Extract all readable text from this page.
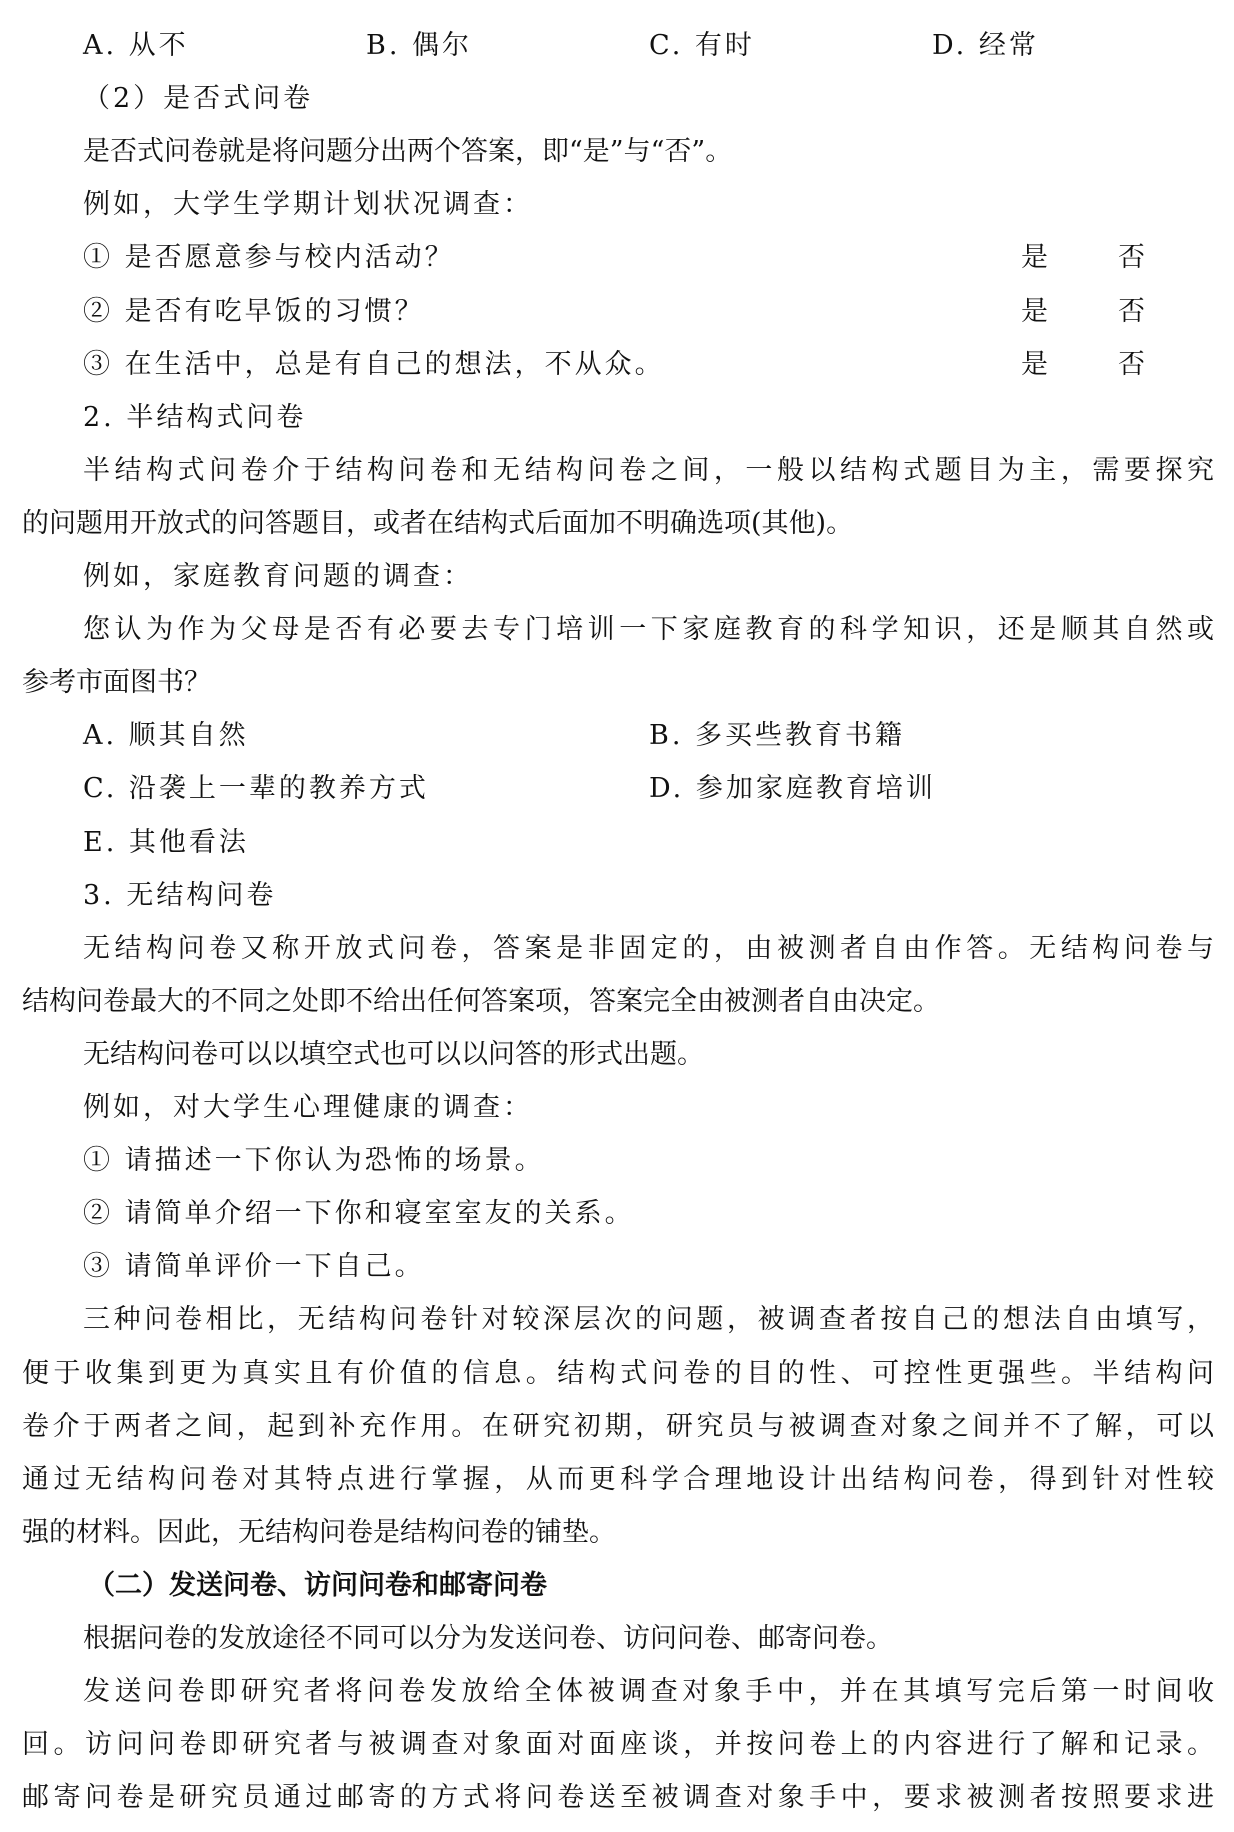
A. 从不	B. 偶尔	C. 有时	D. 经常
（2）是否式问卷
是否式问卷就是将问题分出两个答案，即“是”与“否”。
例如，大学生学期计划状况调查：
① 是否愿意参与校内活动？	是	否
② 是否有吃早饭的习惯？	是	否
③ 在生活中，总是有自己的想法，不从众。	是	否
2. 半结构式问卷
半结构式问卷介于结构问卷和无结构问卷之间，一般以结构式题目为主，需要探究
的问题用开放式的问答题目，或者在结构式后面加不明确选项(其他)。
例如，家庭教育问题的调查：
您认为作为父母是否有必要去专门培训一下家庭教育的科学知识，还是顺其自然或
参考市面图书？
A. 顺其自然	B. 多买些教育书籍
C. 沿袭上一辈的教养方式	D. 参加家庭教育培训
E. 其他看法
3. 无结构问卷
无结构问卷又称开放式问卷，答案是非固定的，由被测者自由作答。无结构问卷与
结构问卷最大的不同之处即不给出任何答案项，答案完全由被测者自由决定。
无结构问卷可以以填空式也可以以问答的形式出题。
例如，对大学生心理健康的调查：
① 请描述一下你认为恐怖的场景。
② 请简单介绍一下你和寝室室友的关系。
③ 请简单评价一下自己。
三种问卷相比，无结构问卷针对较深层次的问题，被调查者按自己的想法自由填写，
便于收集到更为真实且有价值的信息。结构式问卷的目的性、可控性更强些。半结构问
卷介于两者之间，起到补充作用。在研究初期，研究员与被调查对象之间并不了解，可以
通过无结构问卷对其特点进行掌握，从而更科学合理地设计出结构问卷，得到针对性较
强的材料。因此，无结构问卷是结构问卷的铺垫。
（二）发送问卷、访问问卷和邮寄问卷
根据问卷的发放途径不同可以分为发送问卷、访问问卷、邮寄问卷。
发送问卷即研究者将问卷发放给全体被调查对象手中，并在其填写完后第一时间收
回。访问问卷即研究者与被调查对象面对面座谈，并按问卷上的内容进行了解和记录。
邮寄问卷是研究员通过邮寄的方式将问卷送至被调查对象手中，要求被测者按照要求进
